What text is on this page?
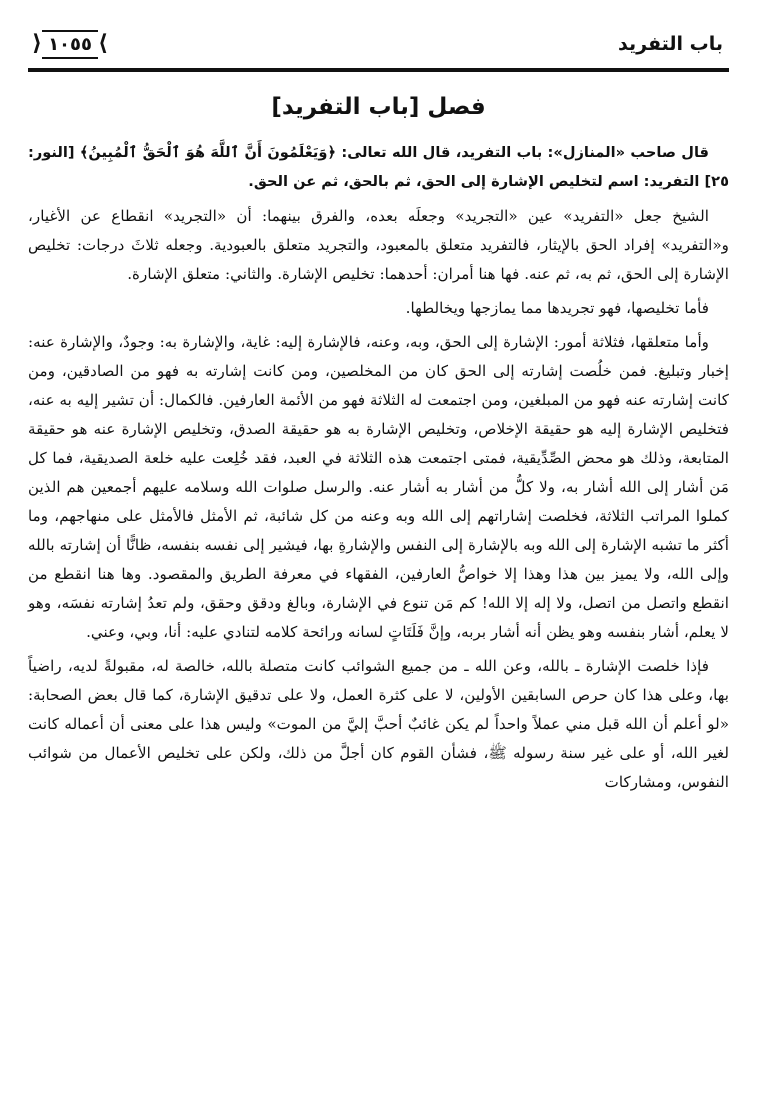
باب التفريد
⟩
١٠٥٥
⟨
فصل [باب التفريد]

قال صاحب «المنازل»: باب التفريد، قال الله تعالى: ﴿وَيَعْلَمُونَ أَنَّ ٱللَّهَ هُوَ ٱلْحَقُّ ٱلْمُبِينُ﴾ [النور: ٢٥] التفريد: اسم لتخليص الإشارة إلى الحق، ثم بالحق، ثم عن الحق.

الشيخ جعل «التفريد» عين «التجريد» وجعلَه بعده، والفرق بينهما: أن «التجريد» انقطاع عن الأغيار، و«التفريد» إفراد الحق بالإيثار، فالتفريد متعلق بالمعبود، والتجريد متعلق بالعبودية. وجعله ثلاثَ درجات: تخليص الإشارة إلى الحق، ثم به، ثم عنه. فها هنا أمران: أحدهما: تخليص الإشارة. والثاني: متعلق الإشارة.

فأما تخليصها، فهو تجريدها مما يمازجها ويخالطها.

وأما متعلقها، فثلاثة أمور: الإشارة إلى الحق، وبه، وعنه، فالإشارة إليه: غاية، والإشارة به: وجودٌ، والإشارة عنه: إخبار وتبليغ. فمن خلُصت إشارته إلى الحق كان من المخلصين، ومن كانت إشارته به فهو من الصادقين، ومن كانت إشارته عنه فهو من المبلغين، ومن اجتمعت له الثلاثة فهو من الأئمة العارفين. فالكمال: أن تشير إليه به عنه، فتخليص الإشارة إليه هو حقيقة الإخلاص، وتخليص الإشارة به هو حقيقة الصدق، وتخليص الإشارة عنه هو حقيقة المتابعة، وذلك هو محض الصِّدِّيقية، فمتى اجتمعت هذه الثلاثة في العبد، فقد خُلِعت عليه خلعة الصديقية، فما كل مَن أشار إلى الله أشار به، ولا كلُّ من أشار به أشار عنه. والرسل صلوات الله وسلامه عليهم أجمعين هم الذين كملوا المراتب الثلاثة، فخلصت إشاراتهم إلى الله وبه وعنه من كل شائبة، ثم الأمثل فالأمثل على منهاجهم، وما أكثر ما تشبه الإشارة إلى الله وبه بالإشارة إلى النفس والإشارةِ بها، فيشير إلى نفسه بنفسه، ظانًّا أن إشارته بالله وإلى الله، ولا يميز بين هذا وهذا إلا خواصُّ العارفين، الفقهاء في معرفة الطريق والمقصود. وها هنا انقطع من انقطع واتصل من اتصل، ولا إله إلا الله! كم مَن تنوع في الإشارة، وبالغ ودقق وحقق، ولم تعدُ إشارته نفسَه، وهو لا يعلم، أشار بنفسه وهو يظن أنه أشار بربه، وإنَّ فَلَتَاتٍ لسانه ورائحة كلامه لتنادي عليه: أنا، وبي، وعني.

فإذا خلصت الإشارة ـ بالله، وعن الله ـ من جميع الشوائب كانت متصلة بالله، خالصة له، مقبولةً لديه، راضياً بها، وعلى هذا كان حرص السابقين الأولين، لا على كثرة العمل، ولا على تدقيق الإشارة، كما قال بعض الصحابة: «لو أعلم أن الله قبل مني عملاً واحداً لم يكن غائبٌ أحبَّ إليَّ من الموت» وليس هذا على معنى أن أعماله كانت لغير الله، أو على غير سنة رسوله ﷺ، فشأن القوم كان أجلَّ من ذلك، ولكن على تخليص الأعمال من شوائب النفوس، ومشاركات
